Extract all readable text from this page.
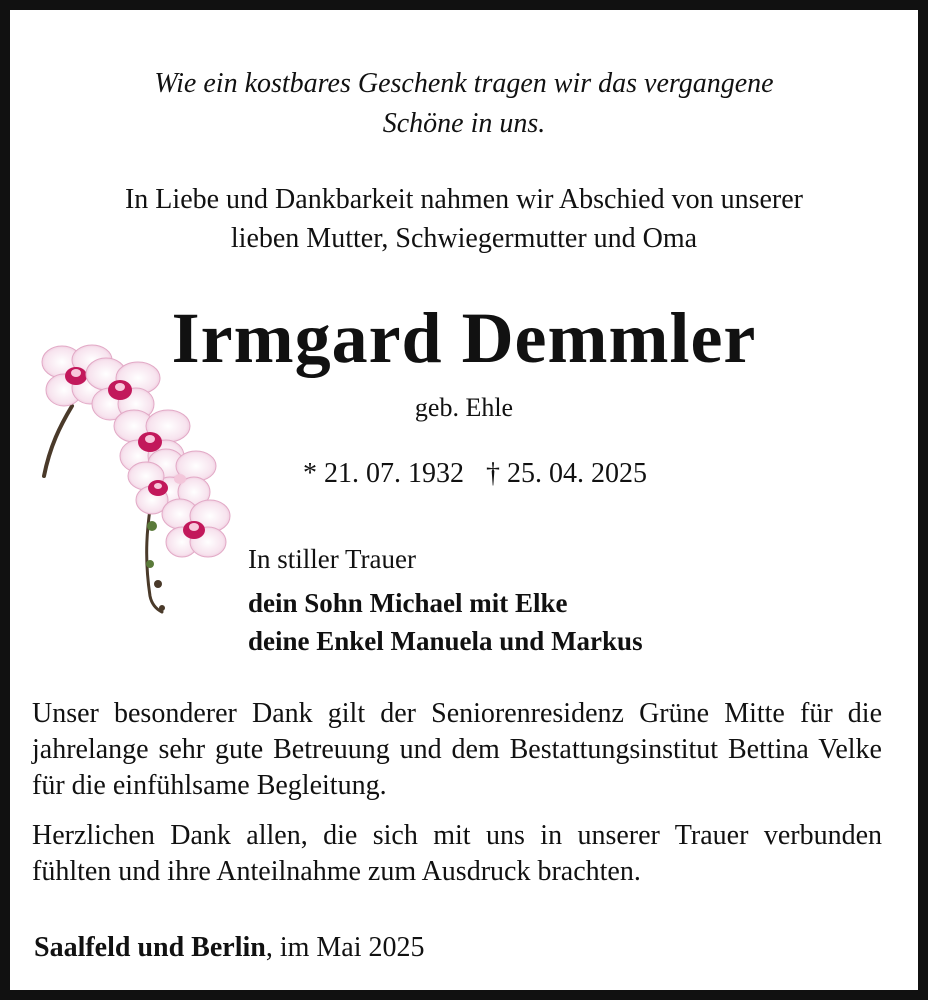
Wie ein kostbares Geschenk tragen wir das vergangene
Schöne in uns.
In Liebe und Dankbarkeit nahmen wir Abschied von unserer
lieben Mutter, Schwiegermutter und Oma
Irmgard Demmler
geb. Ehle
* 21. 07. 1932 † 25. 04. 2025
In stiller Trauer
dein Sohn Michael mit Elke
deine Enkel Manuela und Markus

Unser besonderer Dank gilt der Seniorenresidenz Grüne Mitte für die jahrelange sehr gute Betreuung und dem Bestattungsinstitut Bettina Velke für die einfühlsame Begleitung.

Herzlichen Dank allen, die sich mit uns in unserer Trauer verbunden fühlten und ihre Anteilnahme zum Ausdruck brachten.

Saalfeld und Berlin, im Mai 2025
